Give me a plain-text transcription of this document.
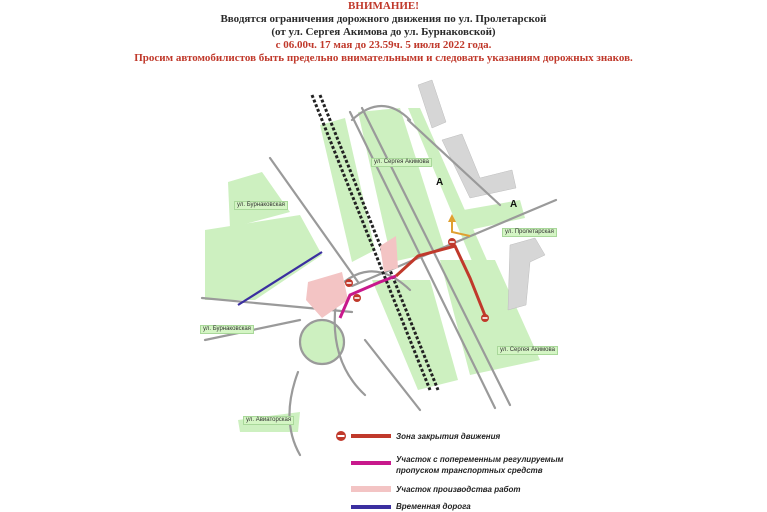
ВНИМАНИЕ!
Вводятся ограничения дорожного движения по ул. Пролетарской
(от ул. Сергея Акимова до ул. Бурнаковской)
с 06.00ч. 17 мая до 23.59ч. 5 июля 2022 года.
Просим автомобилистов быть предельно внимательными и следовать указаниям дорожных знаков.
ул. Сергея Акимова
ул. Бурнаковская
ул. Пролетарская
ул. Бурнаковская
ул. Сергея Акимова
ул. Авиаторская
А
А
Зона закрытия движения
Участок с попеременным регулируемым
пропуском транспортных средств
Участок производства работ
Временная дорога
